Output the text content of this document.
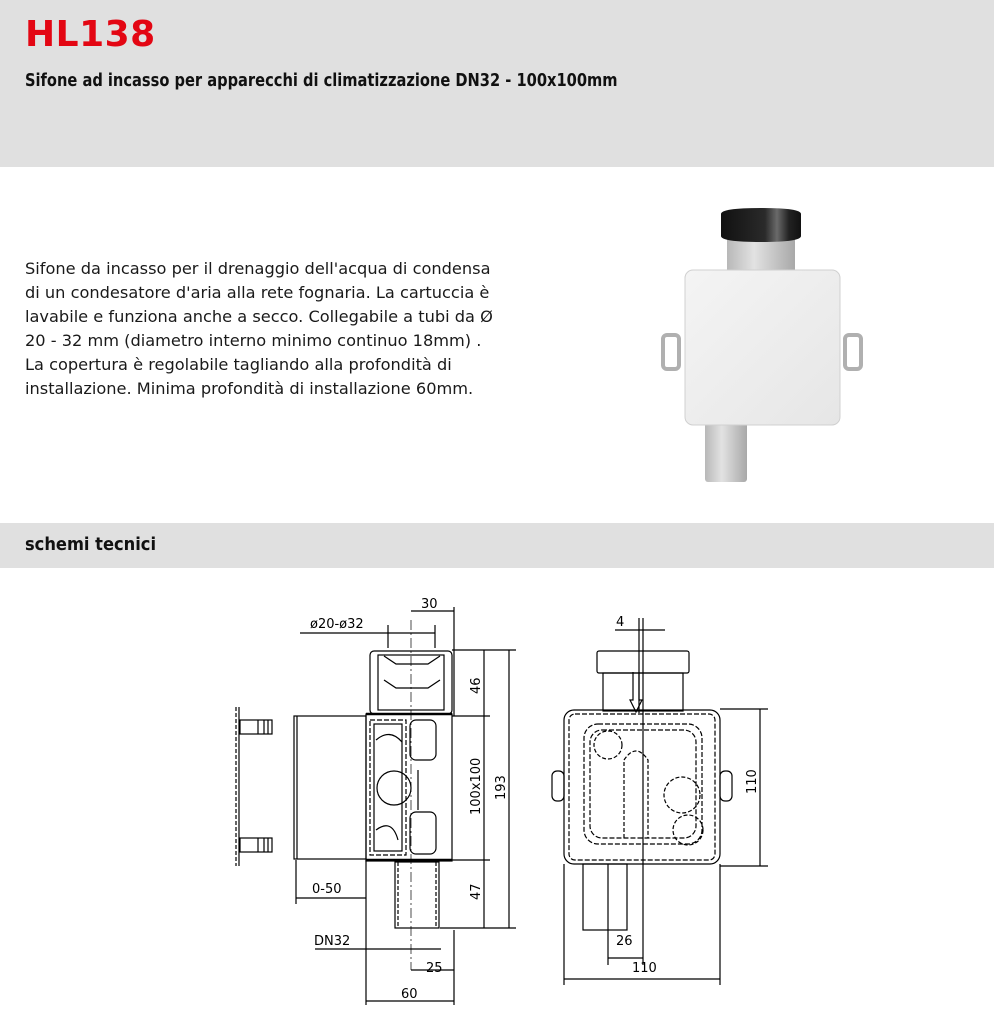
HL138
Sifone ad incasso per apparecchi di climatizzazione DN32 - 100x100mm
Sifone da incasso per il drenaggio dell'acqua di condensa di un condesatore d'aria alla rete fognaria. La cartuccia è lavabile e funziona anche a secco. Collegabile a tubi da Ø 20 - 32 mm (diametro interno minimo continuo 18mm) . La copertura è regolabile tagliando alla profondità di installazione. Minima profondità di installazione 60mm.
schemi tecnici
30
ø20-ø32
46
100x100 193
47
0-50
DN32
25
60
4
110
26
110
